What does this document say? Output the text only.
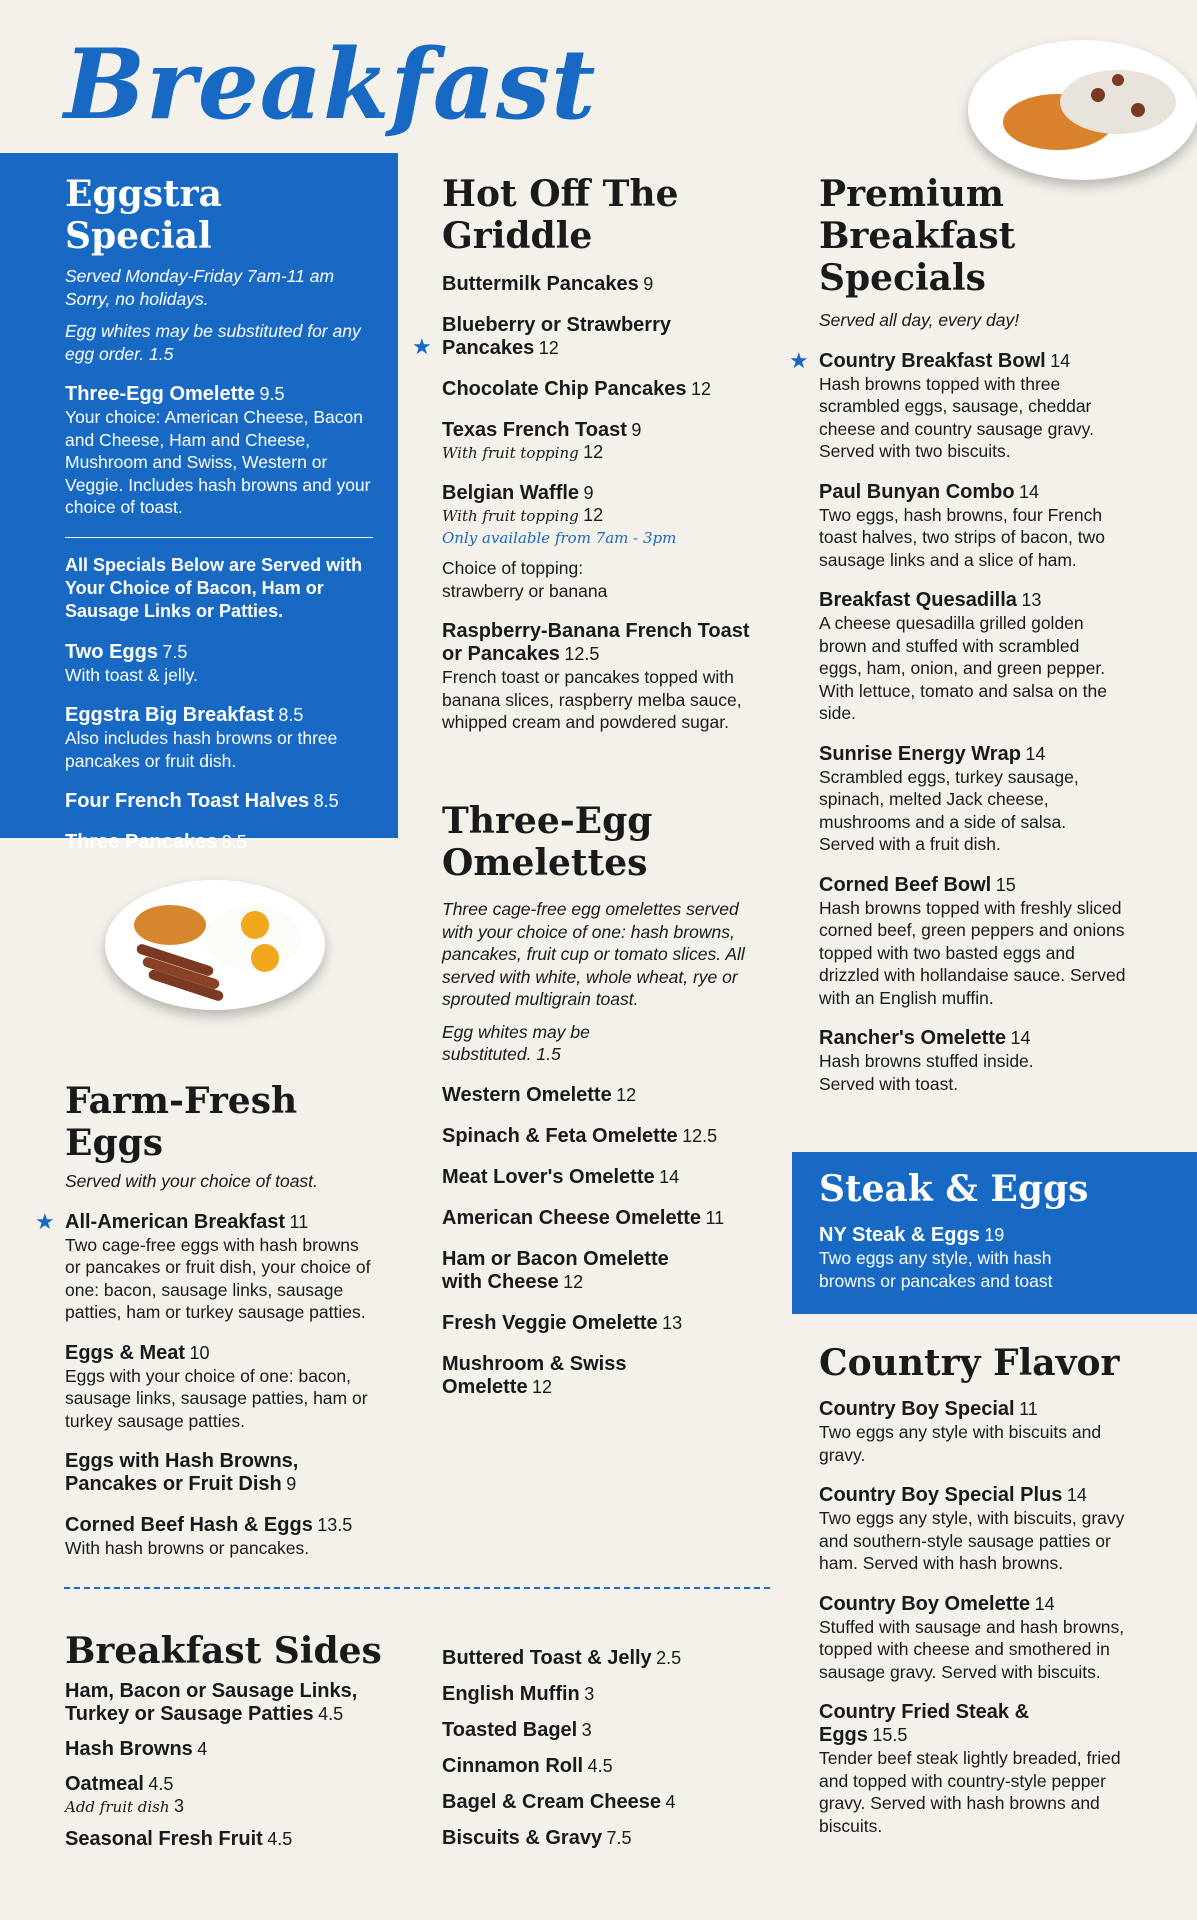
Breakfast
Eggstra Special
Served Monday-Friday 7am-11 am
Sorry, no holidays.
Egg whites may be substituted for any egg order. 1.5
Three-Egg Omelette 9.5
Your choice: American Cheese, Bacon and Cheese, Ham and Cheese, Mushroom and Swiss, Western or Veggie. Includes hash browns and your choice of toast.
All Specials Below are Served with Your Choice of Bacon, Ham or Sausage Links or Patties.
Two Eggs 7.5
With toast & jelly.
Eggstra Big Breakfast 8.5
Also includes hash browns or three pancakes or fruit dish.
Four French Toast Halves 8.5
Three Pancakes 8.5
Farm-Fresh Eggs
Served with your choice of toast.
★ All-American Breakfast 11
Two cage-free eggs with hash browns or pancakes or fruit dish, your choice of one: bacon, sausage links, sausage patties, ham or turkey sausage patties.
Eggs & Meat 10
Eggs with your choice of one: bacon, sausage links, sausage patties, ham or turkey sausage patties.
Eggs with Hash Browns, Pancakes or Fruit Dish 9
Corned Beef Hash & Eggs 13.5
With hash browns or pancakes.
Hot Off The Griddle
Buttermilk Pancakes 9
★
Blueberry or Strawberry Pancakes 12
Chocolate Chip Pancakes 12
Texas French Toast 9
With fruit topping 12
Belgian Waffle 9
With fruit topping 12
Only available from 7am - 3pm
Choice of topping: strawberry or banana
Raspberry-Banana French Toast or Pancakes 12.5
French toast or pancakes topped with banana slices, raspberry melba sauce, whipped cream and powdered sugar.
Three-Egg Omelettes
Three cage-free egg omelettes served with your choice of one: hash browns, pancakes, fruit cup or tomato slices. All served with white, whole wheat, rye or sprouted multigrain toast.
Egg whites may be substituted. 1.5
Western Omelette 12
Spinach & Feta Omelette 12.5
Meat Lover's Omelette 14
American Cheese Omelette 11
Ham or Bacon Omelette with Cheese 12
Fresh Veggie Omelette 13
Mushroom & Swiss Omelette 12
Premium Breakfast Specials
Served all day, every day!
★ Country Breakfast Bowl 14
Hash browns topped with three scrambled eggs, sausage, cheddar cheese and country sausage gravy. Served with two biscuits.
Paul Bunyan Combo 14
Two eggs, hash browns, four French toast halves, two strips of bacon, two sausage links and a slice of ham.
Breakfast Quesadilla 13
A cheese quesadilla grilled golden brown and stuffed with scrambled eggs, ham, onion, and green pepper. With lettuce, tomato and salsa on the side.
Sunrise Energy Wrap 14
Scrambled eggs, turkey sausage, spinach, melted Jack cheese, mushrooms and a side of salsa. Served with a fruit dish.
Corned Beef Bowl 15
Hash browns topped with freshly sliced corned beef, green peppers and onions topped with two basted eggs and drizzled with hollandaise sauce. Served with an English muffin.
Rancher's Omelette 14
Hash browns stuffed inside. Served with toast.
Steak & Eggs
NY Steak & Eggs 19
Two eggs any style, with hash browns or pancakes and toast
Country Flavor
Country Boy Special 11
Two eggs any style with biscuits and gravy.
Country Boy Special Plus 14
Two eggs any style, with biscuits, gravy and southern-style sausage patties or ham. Served with hash browns.
Country Boy Omelette 14
Stuffed with sausage and hash browns, topped with cheese and smothered in sausage gravy. Served with biscuits.
Country Fried Steak & Eggs 15.5
Tender beef steak lightly breaded, fried and topped with country-style pepper gravy. Served with hash browns and biscuits.
Breakfast Sides
Ham, Bacon or Sausage Links, Turkey or Sausage Patties 4.5
Hash Browns 4
Oatmeal 4.5
Add fruit dish 3
Seasonal Fresh Fruit 4.5
Buttered Toast & Jelly 2.5
English Muffin 3
Toasted Bagel 3
Cinnamon Roll 4.5
Bagel & Cream Cheese 4
Biscuits & Gravy 7.5
